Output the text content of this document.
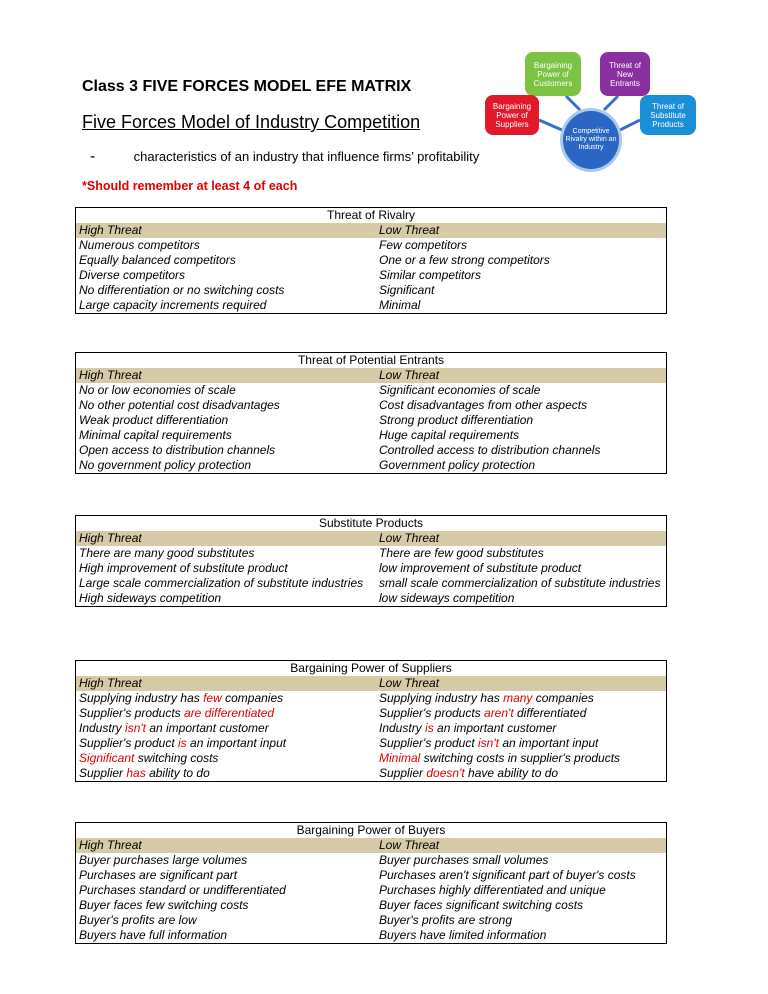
Class 3 FIVE FORCES MODEL EFE MATRIX
Five Forces Model of Industry Competition
-	characteristics of an industry that influence firms’ profitability
*Should remember at least 4 of each
Bargaining Power of Customers
Threat of New Entrants
Bargaining Power of Suppliers
Threat of Substitute Products
Competitive Rivalry within an Industry
Threat of Rivalry
High Threat	Low Threat
Numerous competitors	Few competitors
Equally balanced competitors	One or a few strong competitors
Diverse competitors	Similar competitors
No differentiation or no switching costs	Significant
Large capacity increments required	Minimal
Threat of Potential Entrants
High Threat	Low Threat
No or low economies of scale	Significant economies of scale
No other potential cost disadvantages	Cost disadvantages from other aspects
Weak product differentiation	Strong product differentiation
Minimal capital requirements	Huge capital requirements
Open access to distribution channels	Controlled access to distribution channels
No government policy protection	Government policy protection
Substitute Products
High Threat	Low Threat
There are many good substitutes	There are few good substitutes
High improvement of substitute product	low improvement of substitute product
Large scale commercialization of substitute industries	small scale commercialization of substitute industries
High sideways competition	low sideways competition
Bargaining Power of Suppliers
High Threat	Low Threat
Supplying industry has few companies	Supplying industry has many companies
Supplier's products are differentiated	Supplier's products aren't differentiated
Industry isn't an important customer	Industry is an important customer
Supplier's product is an important input	Supplier's product isn't an important input
Significant switching costs	Minimal switching costs in supplier's products
Supplier has ability to do	Supplier doesn't have ability to do
Bargaining Power of Buyers
High Threat	Low Threat
Buyer purchases large volumes	Buyer purchases small volumes
Purchases are significant part	Purchases aren't significant part of buyer's costs
Purchases standard or undifferentiated	Purchases highly differentiated and unique
Buyer faces few switching costs	Buyer faces significant switching costs
Buyer's profits are low	Buyer's profits are strong
Buyers have full information	Buyers have limited information
